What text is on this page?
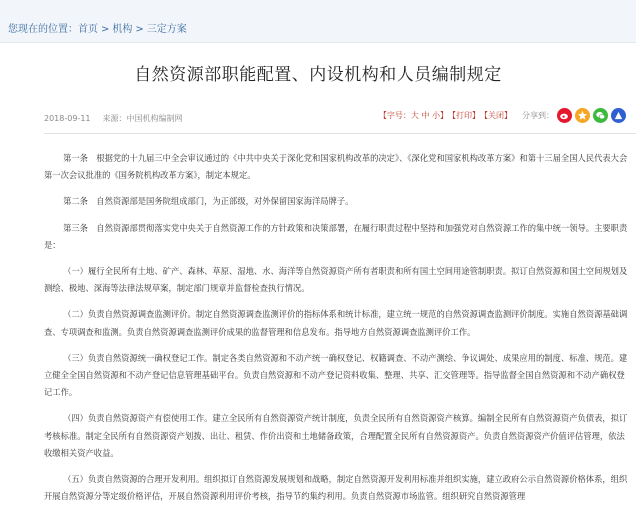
您现在的位置：首页 > 机构 > 三定方案
自然资源部职能配置、内设机构和人员编制规定
2018-09-11 来源：中国机构编制网	【字号： 大
中
小 】 【打印】 【关闭】 分享到：

第一条　根据党的十九届三中全会审议通过的《中共中央关于深化党和国家机构改革的决定》、《深化党和国家机构改革方案》和第十三届全国人民代表大会第一次会议批准的《国务院机构改革方案》，制定本规定。

第二条　自然资源部是国务院组成部门，为正部级，对外保留国家海洋局牌子。

第三条　自然资源部贯彻落实党中央关于自然资源工作的方针政策和决策部署，在履行职责过程中坚持和加强党对自然资源工作的集中统一领导。主要职责是：

（一）履行全民所有土地、矿产、森林、草原、湿地、水、海洋等自然资源资产所有者职责和所有国土空间用途管制职责。拟订自然资源和国土空间规划及测绘、极地、深海等法律法规草案，制定部门规章并监督检查执行情况。

（二）负责自然资源调查监测评价。制定自然资源调查监测评价的指标体系和统计标准，建立统一规范的自然资源调查监测评价制度。实施自然资源基础调查、专项调查和监测。负责自然资源调查监测评价成果的监督管理和信息发布。指导地方自然资源调查监测评价工作。

（三）负责自然资源统一确权登记工作。制定各类自然资源和不动产统一确权登记、权籍调查、不动产测绘、争议调处、成果应用的制度、标准、规范。建立健全全国自然资源和不动产登记信息管理基础平台。负责自然资源和不动产登记资料收集、整理、共享、汇交管理等。指导监督全国自然资源和不动产确权登记工作。

（四）负责自然资源资产有偿使用工作。建立全民所有自然资源资产统计制度，负责全民所有自然资源资产核算。编制全民所有自然资源资产负债表，拟订考核标准。制定全民所有自然资源资产划拨、出让、租赁、作价出资和土地储备政策，合理配置全民所有自然资源资产。负责自然资源资产价值评估管理，依法收缴相关资产收益。

（五）负责自然资源的合理开发利用。组织拟订自然资源发展规划和战略，制定自然资源开发利用标准并组织实施，建立政府公示自然资源价格体系，组织开展自然资源分等定级价格评估，开展自然资源利用评价考核，指导节约集约利用。负责自然资源市场监管。组织研究自然资源管理
